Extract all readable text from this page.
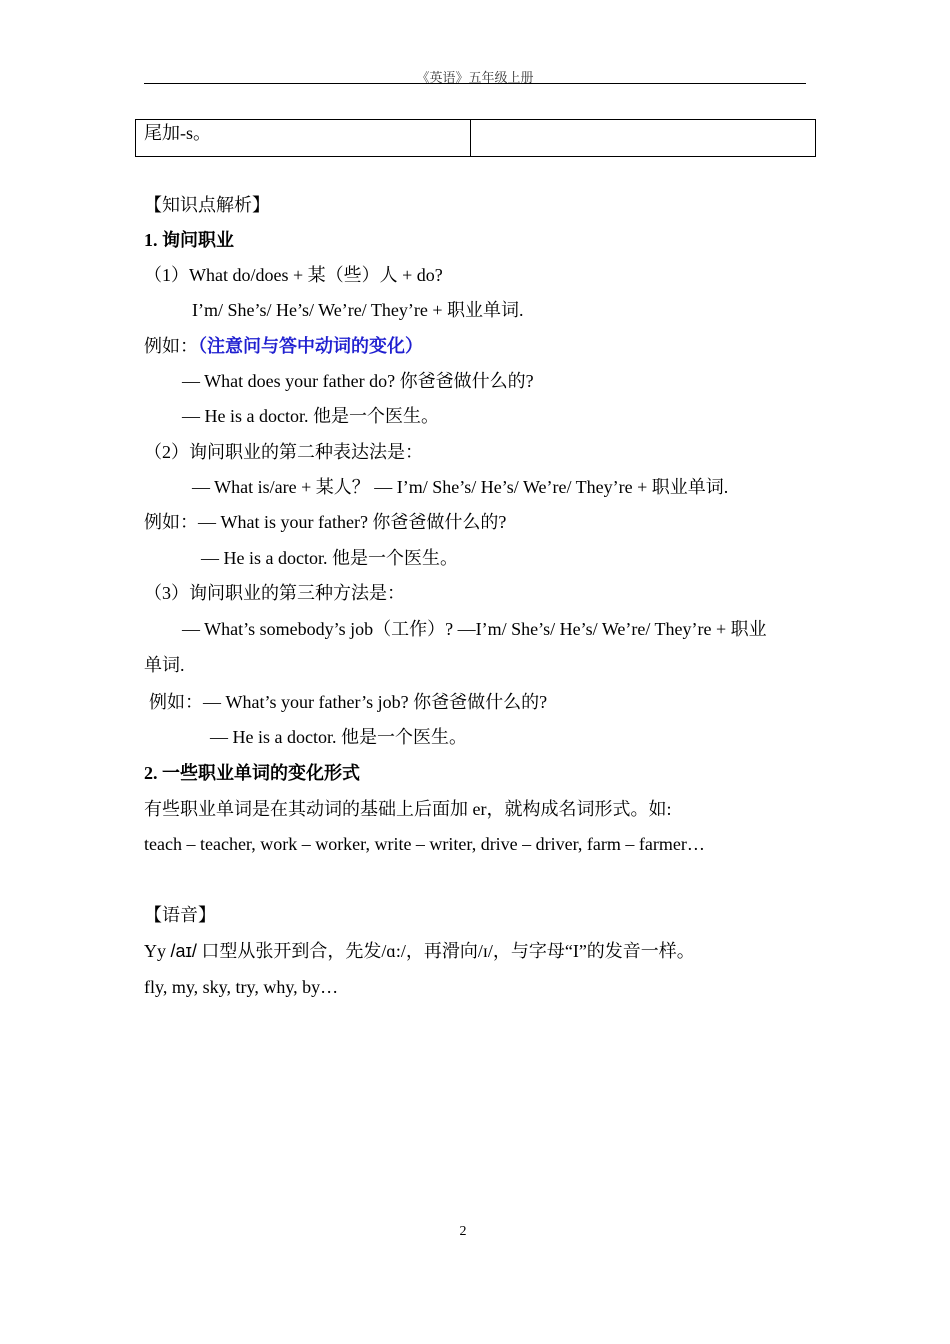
《英语》五年级上册
尾加-s。	
【知识点解析】
1. 询问职业
（1）What do/does + 某（些）人 + do?
I’m/ She’s/ He’s/ We’re/ They’re + 职业单词.
例如：（注意问与答中动词的变化）
— What does your father do? 你爸爸做什么的?
— He is a doctor. 他是一个医生。
（2）询问职业的第二种表达法是：
— What is/are + 某人？ — I’m/ She’s/ He’s/ We’re/ They’re + 职业单词.
例如：— What is your father? 你爸爸做什么的?
— He is a doctor. 他是一个医生。
（3）询问职业的第三种方法是：
— What’s somebody’s job（工作）? —I’m/ She’s/ He’s/ We’re/ They’re + 职业
单词.
例如：— What’s your father’s job? 你爸爸做什么的?
— He is a doctor. 他是一个医生。
2. 一些职业单词的变化形式
有些职业单词是在其动词的基础上后面加 er，就构成名词形式。如:
teach – teacher, work – worker, write – writer, drive – driver, farm – farmer…
【语音】
Yy /aɪ/ 口型从张开到合，先发/ɑ:/，再滑向/ɪ/，与字母“I”的发音一样。
fly, my, sky, try, why, by…
2
